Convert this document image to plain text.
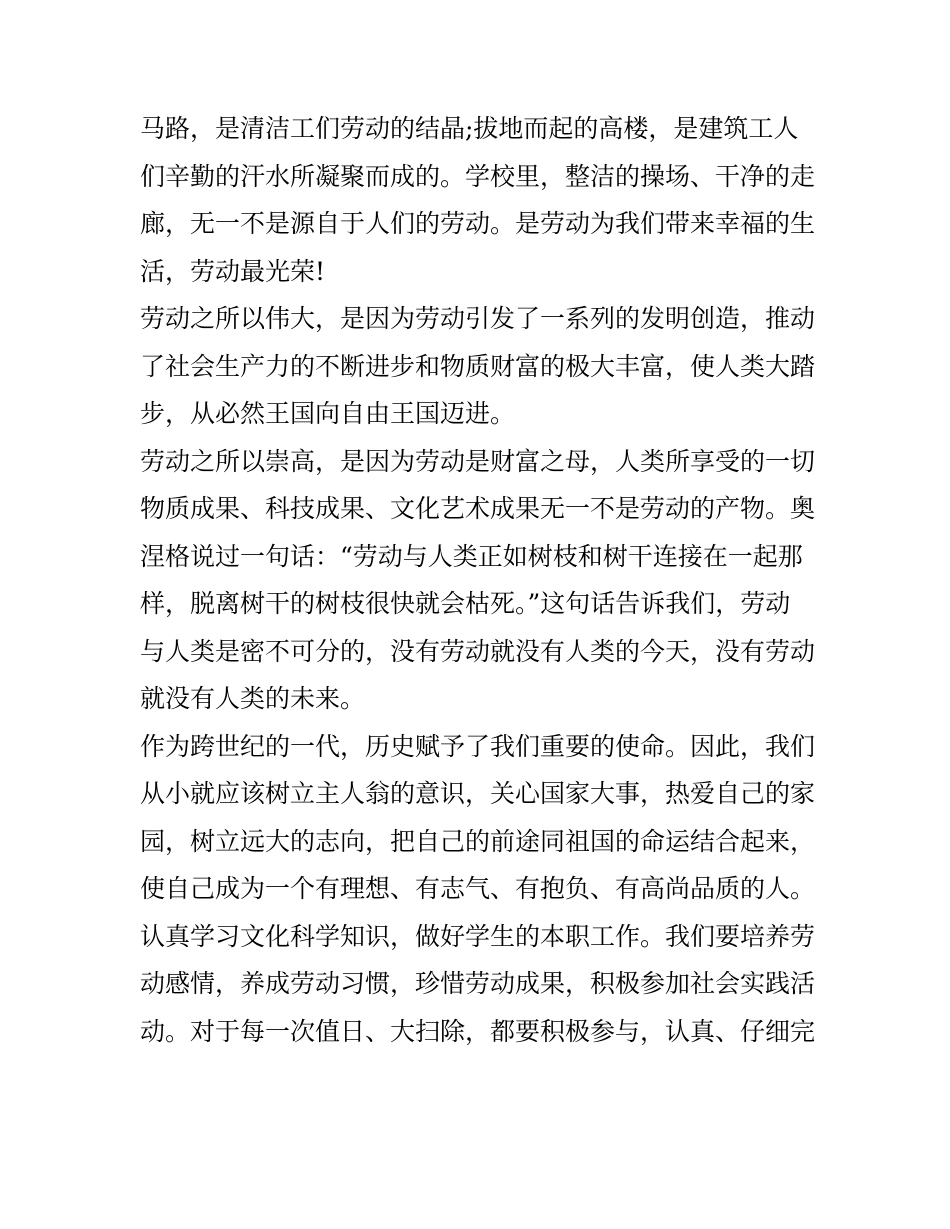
马路，是清洁工们劳动的结晶;拔地而起的高楼，是建筑工人
们辛勤的汗水所凝聚而成的。学校里，整洁的操场、干净的走
廊，无一不是源自于人们的劳动。是劳动为我们带来幸福的生
活，劳动最光荣!
劳动之所以伟大，是因为劳动引发了一系列的发明创造，推动
了社会生产力的不断进步和物质财富的极大丰富，使人类大踏
步，从必然王国向自由王国迈进。
劳动之所以崇高，是因为劳动是财富之母，人类所享受的一切
物质成果、科技成果、文化艺术成果无一不是劳动的产物。奥
涅格说过一句话：“劳动与人类正如树枝和树干连接在一起那
样，脱离树干的树枝很快就会枯死。”这句话告诉我们，劳动
与人类是密不可分的，没有劳动就没有人类的今天，没有劳动
就没有人类的未来。
作为跨世纪的一代，历史赋予了我们重要的使命。因此，我们
从小就应该树立主人翁的意识，关心国家大事，热爱自己的家
园，树立远大的志向，把自己的前途同祖国的命运结合起来，
使自己成为一个有理想、有志气、有抱负、有高尚品质的人。
认真学习文化科学知识，做好学生的本职工作。我们要培养劳
动感情，养成劳动习惯，珍惜劳动成果，积极参加社会实践活
动。对于每一次值日、大扫除，都要积极参与，认真、仔细完
